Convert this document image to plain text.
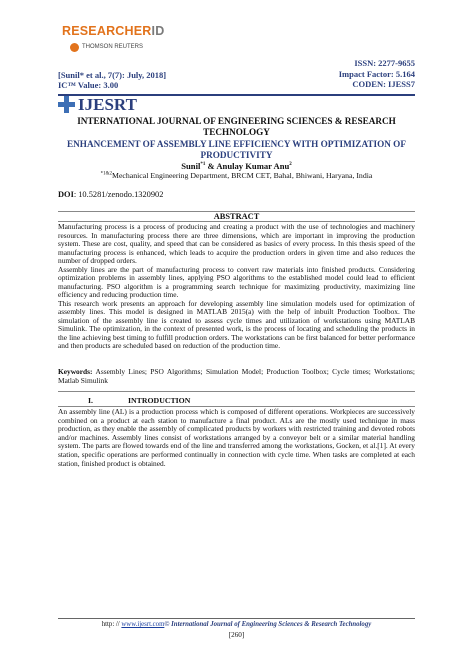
RESEARCHERID
THOMSON REUTERS
ISSN: 2277-9655
Impact Factor: 5.164
CODEN: IJESS7
[Sunil* et al., 7(7): July, 2018]
IC™ Value: 3.00
IJESRT
INTERNATIONAL JOURNAL OF ENGINEERING SCIENCES & RESEARCH TECHNOLOGY
ENHANCEMENT OF ASSEMBLY LINE EFFICIENCY WITH OPTIMIZATION OF PRODUCTIVITY
Sunil$^{*1}$ & Anulay Kumar Anu$^2$
$^{*1\&2}$Mechanical Engineering Department, BRCM CET, Bahal, Bhiwani, Haryana, India
DOI: 10.5281/zenodo.1320902
ABSTRACT

Manufacturing process is a process of producing and creating a product with the use of technologies and machinery resources. In manufacturing process there are three dimensions, which are important in improving the production system. These are cost, quality, and speed that can be considered as basics of every process. In this thesis speed of the manufacturing process is enhanced, which leads to acquire the production orders in given time and also reduces the number of dropped orders.

Assembly lines are the part of manufacturing process to convert raw materials into finished products. Considering optimization problems in assembly lines, applying PSO algorithms to the established model could lead to efficient manufacturing. PSO algorithm is a programming search technique for maximizing productivity, maximizing line efficiency and reducing production time.

This research work presents an approach for developing assembly line simulation models used for optimization of assembly lines. This model is designed in MATLAB 2015(a) with the help of inbuilt Production Toolbox. The simulation of the assembly line is created to assess cycle times and utilization of workstations using MATLAB Simulink. The optimization, in the context of presented work, is the process of locating and scheduling the products in the line achieving best timing to fulfill production orders. The workstations can be first balanced for better performance and then products are scheduled based on reduction of the production time.

Keywords: Assembly Lines; PSO Algorithms; Simulation Model; Production Toolbox; Cycle times; Workstations; Matlab Simulink
I.	INTRODUCTION
An assembly line (AL) is a production process which is composed of different operations. Workpieces are successively combined on a product at each station to manufacture a final product. ALs are the mostly used technique in mass production, as they enable the assembly of complicated products by workers with restricted training and devoted robots and/or machines. Assembly lines consist of workstations arranged by a conveyor belt or a similar material handling system. The parts are flowed towards end of the line and transferred among the workstations, Gocken, et al.[1]. At every station, specific operations are performed continually in connection with cycle time. When tasks are completed at each station, finished product is obtained.
http: // www.ijesrt.com© International Journal of Engineering Sciences & Research Technology
[260]
